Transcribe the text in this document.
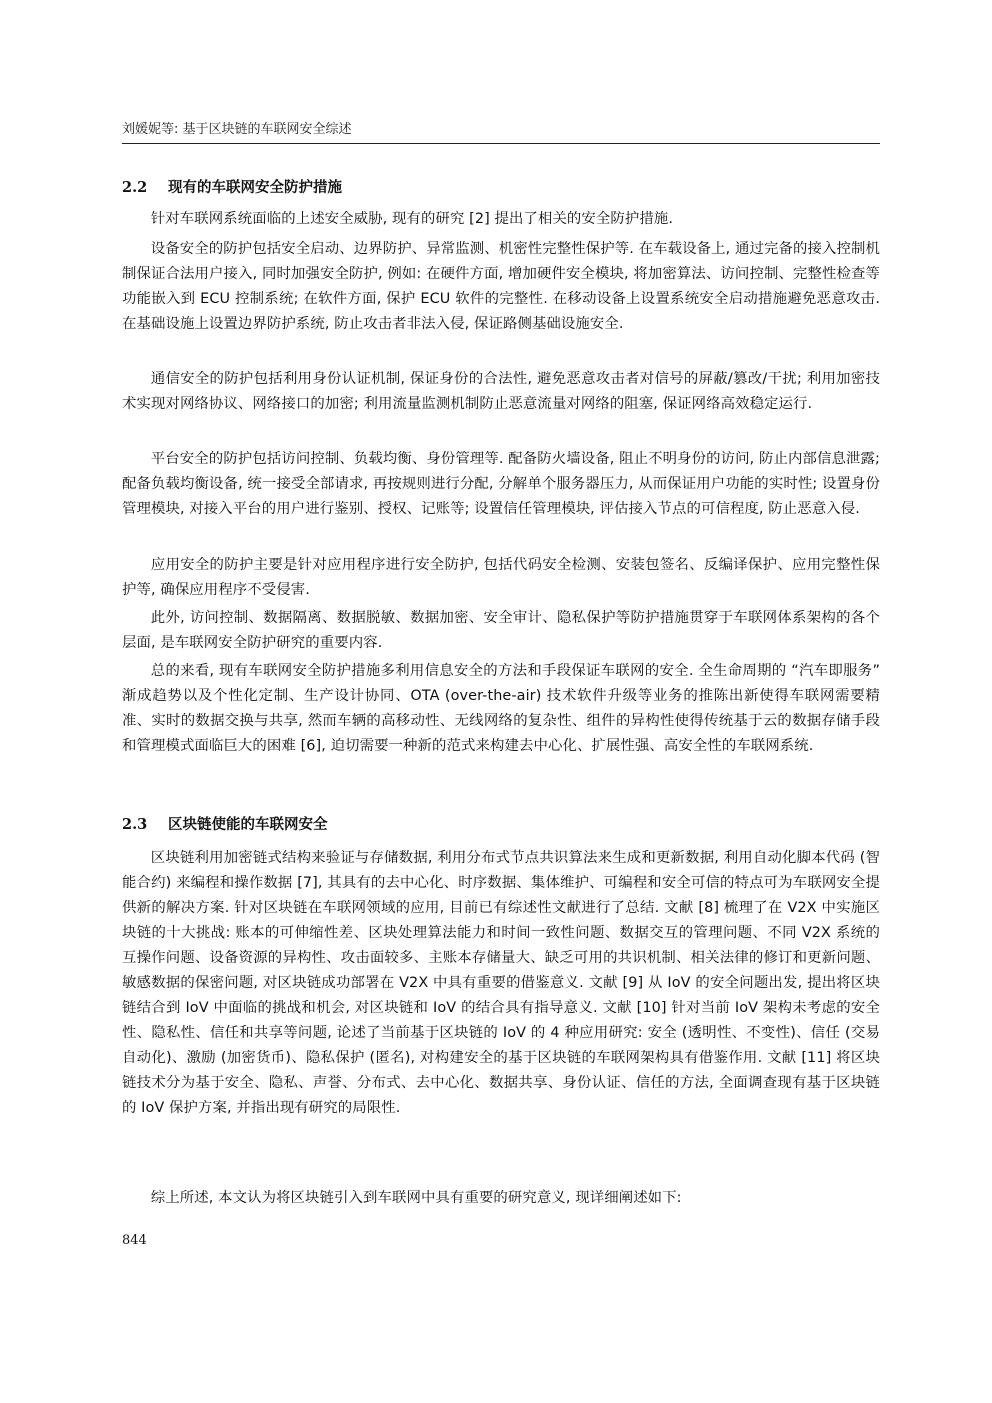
刘媛妮等: 基于区块链的车联网安全综述
2.2 现有的车联网安全防护措施

针对车联网系统面临的上述安全威胁, 现有的研究 [2] 提出了相关的安全防护措施.

设备安全的防护包括安全启动、边界防护、异常监测、机密性完整性保护等. 在车载设备上, 通过完备的接入控制机制保证合法用户接入, 同时加强安全防护, 例如: 在硬件方面, 增加硬件安全模块, 将加密算法、访问控制、完整性检查等功能嵌入到 ECU 控制系统; 在软件方面, 保护 ECU 软件的完整性. 在移动设备上设置系统安全启动措施避免恶意攻击. 在基础设施上设置边界防护系统, 防止攻击者非法入侵, 保证路侧基础设施安全.

通信安全的防护包括利用身份认证机制, 保证身份的合法性, 避免恶意攻击者对信号的屏蔽/篡改/干扰; 利用加密技术实现对网络协议、网络接口的加密; 利用流量监测机制防止恶意流量对网络的阻塞, 保证网络高效稳定运行.

平台安全的防护包括访问控制、负载均衡、身份管理等. 配备防火墙设备, 阻止不明身份的访问, 防止内部信息泄露; 配备负载均衡设备, 统一接受全部请求, 再按规则进行分配, 分解单个服务器压力, 从而保证用户功能的实时性; 设置身份管理模块, 对接入平台的用户进行鉴别、授权、记账等; 设置信任管理模块, 评估接入节点的可信程度, 防止恶意入侵.

应用安全的防护主要是针对应用程序进行安全防护, 包括代码安全检测、安装包签名、反编译保护、应用完整性保护等, 确保应用程序不受侵害.

此外, 访问控制、数据隔离、数据脱敏、数据加密、安全审计、隐私保护等防护措施贯穿于车联网体系架构的各个层面, 是车联网安全防护研究的重要内容.

总的来看, 现有车联网安全防护措施多利用信息安全的方法和手段保证车联网的安全. 全生命周期的 “汽车即服务” 渐成趋势以及个性化定制、生产设计协同、OTA (over-the-air) 技术软件升级等业务的推陈出新使得车联网需要精准、实时的数据交换与共享, 然而车辆的高移动性、无线网络的复杂性、组件的异构性使得传统基于云的数据存储手段和管理模式面临巨大的困难 [6], 迫切需要一种新的范式来构建去中心化、扩展性强、高安全性的车联网系统.

2.3 区块链使能的车联网安全

区块链利用加密链式结构来验证与存储数据, 利用分布式节点共识算法来生成和更新数据, 利用自动化脚本代码 (智能合约) 来编程和操作数据 [7], 其具有的去中心化、时序数据、集体维护、可编程和安全可信的特点可为车联网安全提供新的解决方案. 针对区块链在车联网领域的应用, 目前已有综述性文献进行了总结. 文献 [8] 梳理了在 V2X 中实施区块链的十大挑战: 账本的可伸缩性差、区块处理算法能力和时间一致性问题、数据交互的管理问题、不同 V2X 系统的互操作问题、设备资源的异构性、攻击面较多、主账本存储量大、缺乏可用的共识机制、相关法律的修订和更新问题、敏感数据的保密问题, 对区块链成功部署在 V2X 中具有重要的借鉴意义. 文献 [9] 从 IoV 的安全问题出发, 提出将区块链结合到 IoV 中面临的挑战和机会, 对区块链和 IoV 的结合具有指导意义. 文献 [10] 针对当前 IoV 架构未考虑的安全性、隐私性、信任和共享等问题, 论述了当前基于区块链的 IoV 的 4 种应用研究: 安全 (透明性、不变性)、信任 (交易自动化)、激励 (加密货币)、隐私保护 (匿名), 对构建安全的基于区块链的车联网架构具有借鉴作用. 文献 [11] 将区块链技术分为基于安全、隐私、声誉、分布式、去中心化、数据共享、身份认证、信任的方法, 全面调查现有基于区块链的 IoV 保护方案, 并指出现有研究的局限性.

综上所述, 本文认为将区块链引入到车联网中具有重要的研究意义, 现详细阐述如下:

844
